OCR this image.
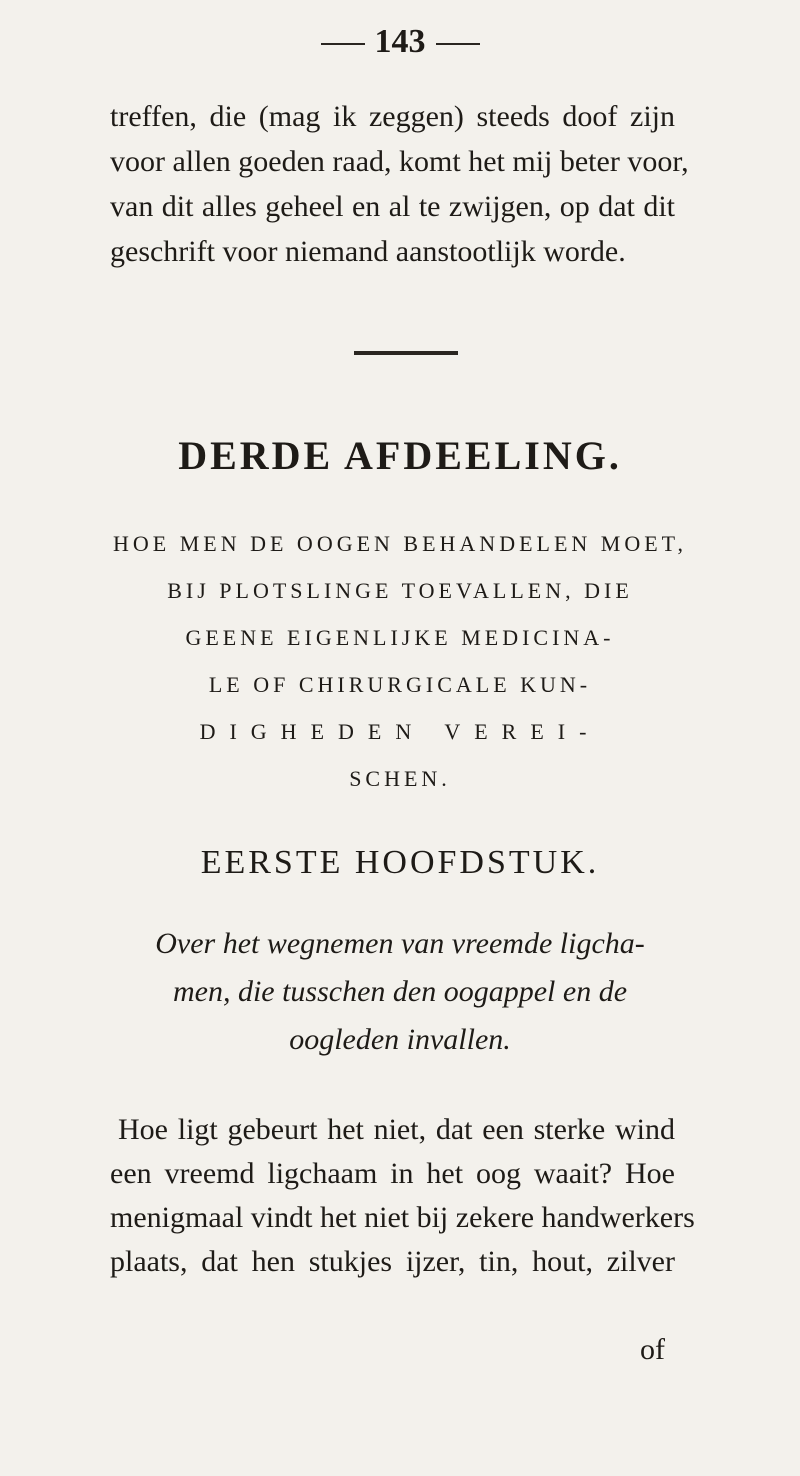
143
treffen, die (mag ik zeggen) steeds doof zijn
voor allen goeden raad, komt het mij beter voor,
van dit alles geheel en al te zwijgen, op dat dit
geschrift voor niemand aanstootlijk worde.
DERDE AFDEELING.
HOE MEN DE OOGEN BEHANDELEN MOET,
BIJ PLOTSLINGE TOEVALLEN, DIE
GEENE EIGENLIJKE MEDICINA-
LE OF CHIRURGICALE KUN-
DIGHEDEN VEREI-
SCHEN.
EERSTE HOOFDSTUK.
Over het wegnemen van vreemde ligcha-
men, die tusschen den oogappel en de
oogleden invallen.
Hoe ligt gebeurt het niet, dat een sterke wind
een vreemd ligchaam in het oog waait? Hoe
menigmaal vindt het niet bij zekere handwerkers
plaats, dat hen stukjes ijzer, tin, hout, zilver
of
